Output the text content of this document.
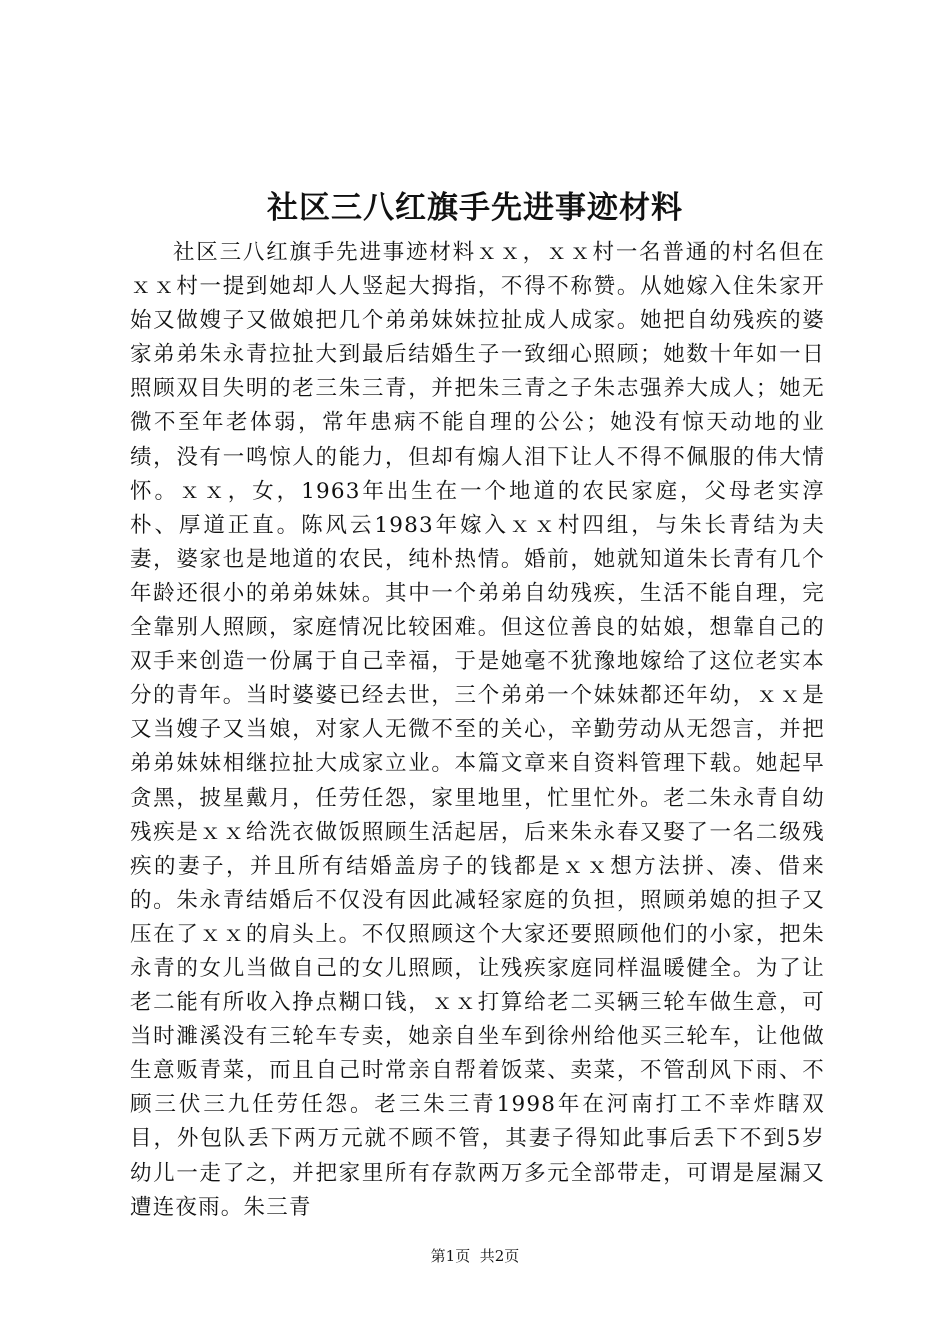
社区三八红旗手先进事迹材料

社区三八红旗手先进事迹材料ｘｘ，ｘｘ村一名普通的村名但在ｘｘ村一提到她却人人竖起大拇指，不得不称赞。从她嫁入住朱家开始又做嫂子又做娘把几个弟弟妹妹拉扯成人成家。她把自幼残疾的婆家弟弟朱永青拉扯大到最后结婚生子一致细心照顾；她数十年如一日照顾双目失明的老三朱三青，并把朱三青之子朱志强养大成人；她无微不至年老体弱，常年患病不能自理的公公；她没有惊天动地的业绩，没有一鸣惊人的能力，但却有煽人泪下让人不得不佩服的伟大情怀。ｘｘ，女，1963年出生在一个地道的农民家庭，父母老实淳朴、厚道正直。陈风云1983年嫁入ｘｘ村四组，与朱长青结为夫妻，婆家也是地道的农民，纯朴热情。婚前，她就知道朱长青有几个年龄还很小的弟弟妹妹。其中一个弟弟自幼残疾，生活不能自理，完全靠别人照顾，家庭情况比较困难。但这位善良的姑娘，想靠自己的双手来创造一份属于自己幸福，于是她毫不犹豫地嫁给了这位老实本分的青年。当时婆婆已经去世，三个弟弟一个妹妹都还年幼，ｘｘ是又当嫂子又当娘，对家人无微不至的关心，辛勤劳动从无怨言，并把弟弟妹妹相继拉扯大成家立业。本篇文章来自资料管理下载。她起早贪黑，披星戴月，任劳任怨，家里地里，忙里忙外。老二朱永青自幼残疾是ｘｘ给洗衣做饭照顾生活起居，后来朱永春又娶了一名二级残疾的妻子，并且所有结婚盖房子的钱都是ｘｘ想方法拼、凑、借来的。朱永青结婚后不仅没有因此减轻家庭的负担，照顾弟媳的担子又压在了ｘｘ的肩头上。不仅照顾这个大家还要照顾他们的小家，把朱永青的女儿当做自己的女儿照顾，让残疾家庭同样温暖健全。为了让老二能有所收入挣点糊口钱，ｘｘ打算给老二买辆三轮车做生意，可当时濉溪没有三轮车专卖，她亲自坐车到徐州给他买三轮车，让他做生意贩青菜，而且自己时常亲自帮着饭菜、卖菜，不管刮风下雨、不顾三伏三九任劳任怨。老三朱三青1998年在河南打工不幸炸瞎双目，外包队丢下两万元就不顾不管，其妻子得知此事后丢下不到5岁幼儿一走了之，并把家里所有存款两万多元全部带走，可谓是屋漏又遭连夜雨。朱三青

第1页 共2页
